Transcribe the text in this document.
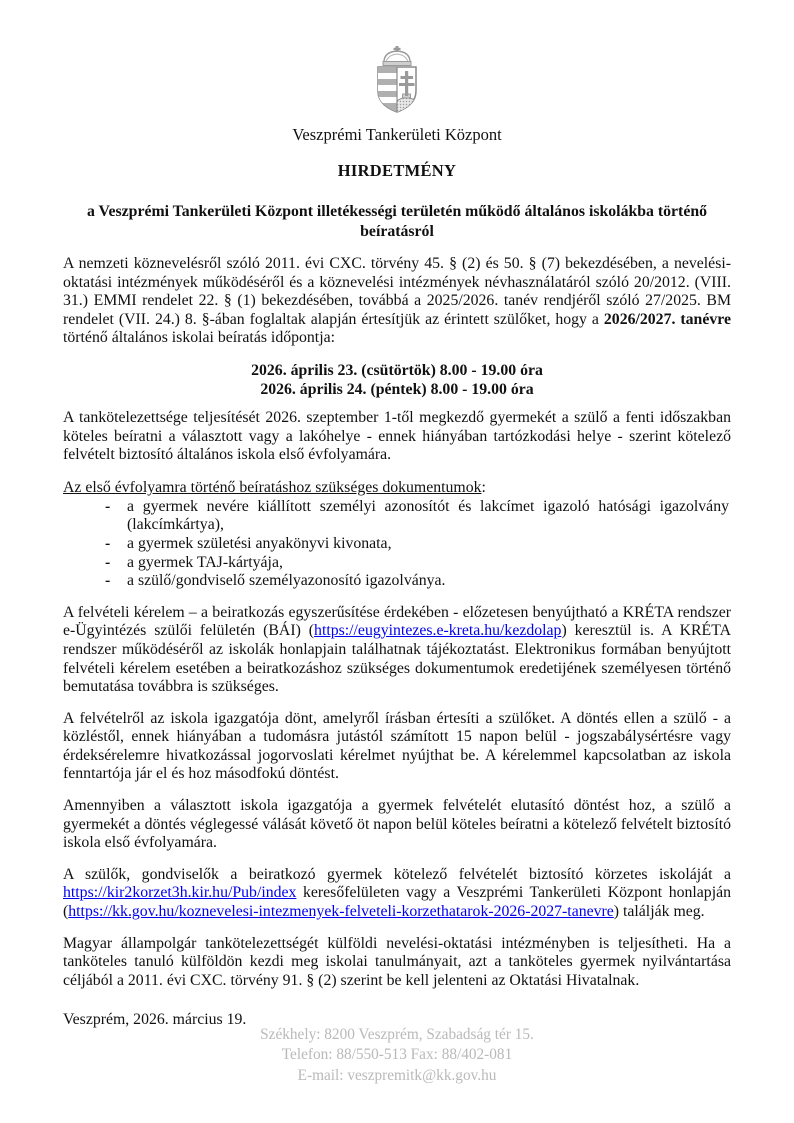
Veszprémi Tankerületi Központ
HIRDETMÉNY
a Veszprémi Tankerületi Központ illetékességi területén működő általános iskolákba történő beíratásról
A nemzeti köznevelésről szóló 2011. évi CXC. törvény 45. § (2) és 50. § (7) bekezdésében, a nevelési-oktatási intézmények működéséről és a köznevelési intézmények névhasználatáról szóló 20/2012. (VIII. 31.) EMMI rendelet 22. § (1) bekezdésében, továbbá a 2025/2026. tanév rendjéről szóló 27/2025. BM rendelet (VII. 24.) 8. §-ában foglaltak alapján értesítjük az érintett szülőket, hogy a 2026/2027. tanévre történő általános iskolai beíratás időpontja:
2026. április 23. (csütörtök) 8.00 - 19.00 óra
2026. április 24. (péntek) 8.00 - 19.00 óra
A tankötelezettsége teljesítését 2026. szeptember 1-től megkezdő gyermekét a szülő a fenti időszakban köteles beíratni a választott vagy a lakóhelye - ennek hiányában tartózkodási helye - szerint kötelező felvételt biztosító általános iskola első évfolyamára.
Az első évfolyamra történő beíratáshoz szükséges dokumentumok:
-	a gyermek nevére kiállított személyi azonosítót és lakcímet igazoló hatósági igazolvány (lakcímkártya),
-	a gyermek születési anyakönyvi kivonata,
-	a gyermek TAJ-kártyája,
-	a szülő/gondviselő személyazonosító igazolványa.
A felvételi kérelem – a beiratkozás egyszerűsítése érdekében - előzetesen benyújtható a KRÉTA rendszer e-Ügyintézés szülői felületén (BÁI) (https://eugyintezes.e-kreta.hu/kezdolap) keresztül is. A KRÉTA rendszer működéséről az iskolák honlapjain találhatnak tájékoztatást. Elektronikus formában benyújtott felvételi kérelem esetében a beiratkozáshoz szükséges dokumentumok eredetijének személyesen történő bemutatása továbbra is szükséges.
A felvételről az iskola igazgatója dönt, amelyről írásban értesíti a szülőket. A döntés ellen a szülő - a közléstől, ennek hiányában a tudomásra jutástól számított 15 napon belül - jogszabálysértésre vagy érdeksérelemre hivatkozással jogorvoslati kérelmet nyújthat be. A kérelemmel kapcsolatban az iskola fenntartója jár el és hoz másodfokú döntést.
Amennyiben a választott iskola igazgatója a gyermek felvételét elutasító döntést hoz, a szülő a gyermekét a döntés véglegessé válását követő öt napon belül köteles beíratni a kötelező felvételt biztosító iskola első évfolyamára.
A szülők, gondviselők a beiratkozó gyermek kötelező felvételét biztosító körzetes iskoláját a https://kir2korzet3h.kir.hu/Pub/index keresőfelületen vagy a Veszprémi Tankerületi Központ honlapján (https://kk.gov.hu/koznevelesi-intezmenyek-felveteli-korzethatarok-2026-2027-tanevre) találják meg.
Magyar állampolgár tankötelezettségét külföldi nevelési-oktatási intézményben is teljesítheti. Ha a tanköteles tanuló külföldön kezdi meg iskolai tanulmányait, azt a tanköteles gyermek nyilvántartása céljából a 2011. évi CXC. törvény 91. § (2) szerint be kell jelenteni az Oktatási Hivatalnak.
Veszprém, 2026. március 19.
Székhely: 8200 Veszprém, Szabadság tér 15.
Telefon: 88/550-513 Fax: 88/402-081
E-mail: veszpremitk@kk.gov.hu
